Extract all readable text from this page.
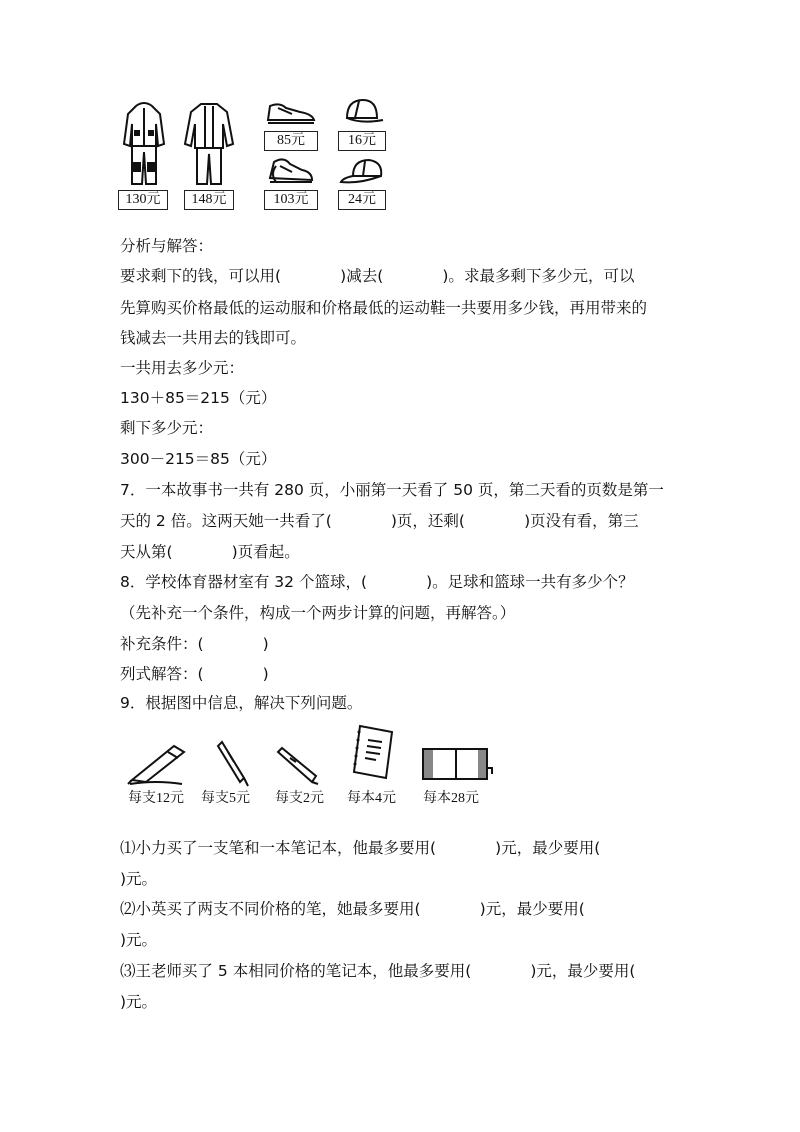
130元	148元
85元
103元
16元
24元
分析与解答：
要求剩下的钱，可以用(            )减去(            )。求最多剩下多少元，可以
先算购买价格最低的运动服和价格最低的运动鞋一共要用多少钱，再用带来的
钱减去一共用去的钱即可。
一共用去多少元：
130＋85＝215（元）
剩下多少元：
300－215＝85（元）
7．一本故事书一共有 280 页，小丽第一天看了 50 页，第二天看的页数是第一
天的 2 倍。这两天她一共看了(            )页，还剩(            )页没有看，第三
天从第(            )页看起。
8．学校体育器材室有 32 个篮球，(            )。足球和篮球一共有多少个？
（先补充一个条件，构成一个两步计算的问题，再解答。）
补充条件：(            )
列式解答：(            )
9．根据图中信息，解决下列问题。
每支12元 每支5元 每支2元 每本4元 每本28元
⑴小力买了一支笔和一本笔记本，他最多要用(            )元，最少要用(
)元。
⑵小英买了两支不同价格的笔，她最多要用(            )元，最少要用(
)元。
⑶王老师买了 5 本相同价格的笔记本，他最多要用(            )元，最少要用(
)元。
